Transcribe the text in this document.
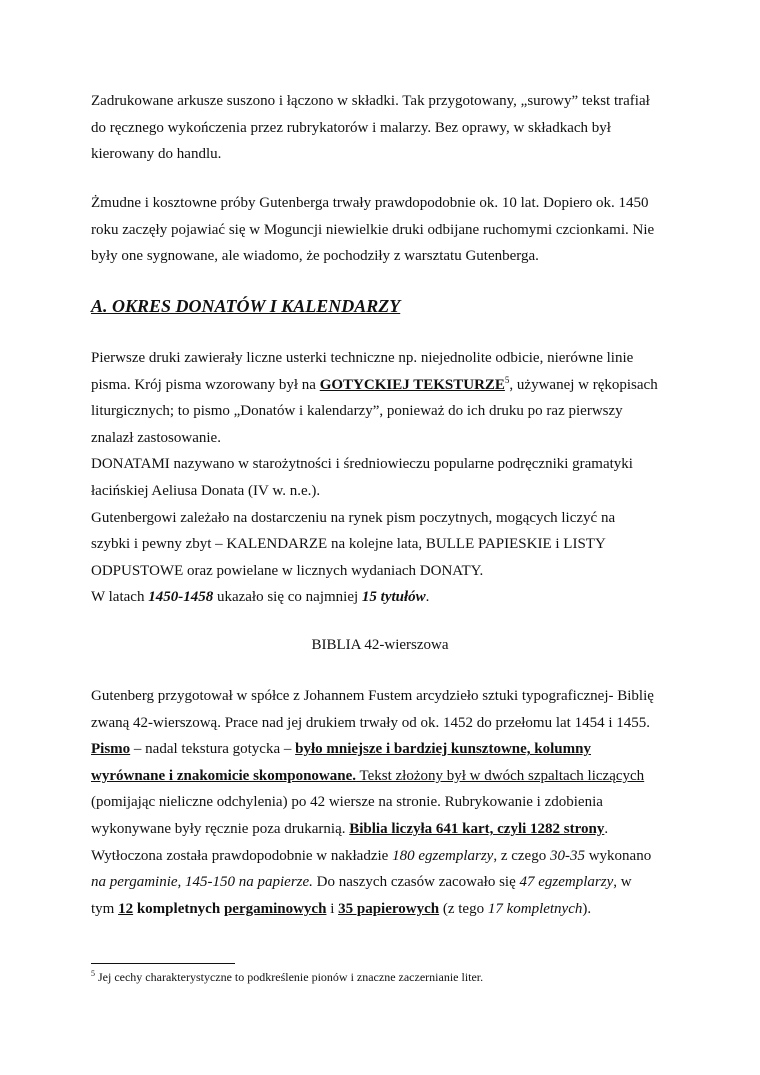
Zadrukowane arkusze suszono i łączono w składki. Tak przygotowany, „surowy” tekst trafiał

do ręcznego wykończenia przez rubrykatorów i malarzy. Bez oprawy, w składkach był

kierowany do handlu.

Żmudne i kosztowne próby Gutenberga trwały prawdopodobnie ok. 10 lat. Dopiero ok. 1450

roku zaczęły pojawiać się w Moguncji niewielkie druki odbijane ruchomymi czcionkami. Nie

były one sygnowane, ale wiadomo, że pochodziły z warsztatu Gutenberga.

A. OKRES DONATÓW I KALENDARZY

Pierwsze druki zawierały liczne usterki techniczne np. niejednolite odbicie, nierówne linie

pisma. Krój pisma wzorowany był na GOTYCKIEJ TEKSTURZE$^5$, używanej w rękopisach

liturgicznych; to pismo „Donatów i kalendarzy”, ponieważ do ich druku po raz pierwszy

znalazł zastosowanie.

DONATAMI nazywano w starożytności i średniowieczu popularne podręczniki gramatyki

łacińskiej Aeliusa Donata (IV w. n.e.).

Gutenbergowi zależało na dostarczeniu na rynek pism poczytnych, mogących liczyć na

szybki i pewny zbyt – KALENDARZE na kolejne lata, BULLE PAPIESKIE i LISTY

ODPUSTOWE oraz powielane w licznych wydaniach DONATY.

W latach 1450-1458 ukazało się co najmniej 15 tytułów.

BIBLIA 42-wierszowa

Gutenberg przygotował w spółce z Johannem Fustem arcydzieło sztuki typograficznej- Biblię

zwaną 42-wierszową. Prace nad jej drukiem trwały od ok. 1452 do przełomu lat 1454 i 1455.

Pismo – nadal tekstura gotycka – było mniejsze i bardziej kunsztowne, kolumny

wyrównane i znakomicie skomponowane. Tekst złożony był w dwóch szpaltach liczących

(pomijając nieliczne odchylenia) po 42 wiersze na stronie. Rubrykowanie i zdobienia

wykonywane były ręcznie poza drukarnią. Biblia liczyła 641 kart, czyli 1282 strony.

Wytłoczona została prawdopodobnie w nakładzie 180 egzemplarzy, z czego 30-35 wykonano

na pergaminie, 145-150 na papierze. Do naszych czasów zacowało się 47 egzemplarzy, w

tym 12 kompletnych pergaminowych i 35 papierowych (z tego 17 kompletnych).

$^5$ Jej cechy charakterystyczne to podkreślenie pionów i znaczne zaczernianie liter.
